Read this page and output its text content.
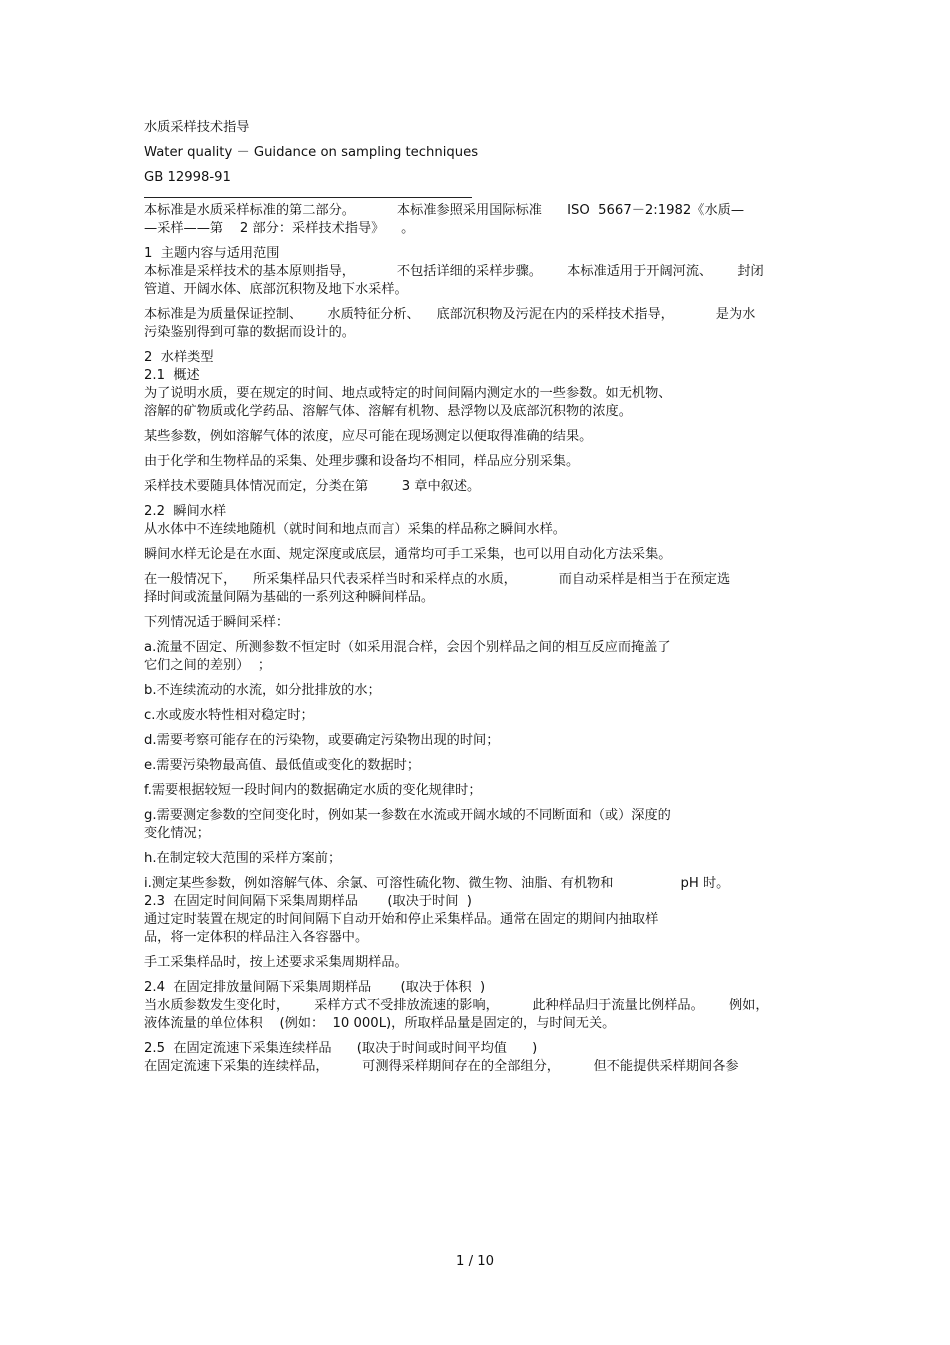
水质采样技术指导

Water quality － Guidance on sampling techniques

GB 12998-91

本标准是水质采样标准的第二部分。          本标准参照采用国际标准      ISO  5667－2:1982《水质—

—采样——第    2 部分：采样技术指导》    。

1  主题内容与适用范围

本标准是采样技术的基本原则指导，          不包括详细的采样步骤。      本标准适用于开阔河流、      封闭

管道、开阔水体、底部沉积物及地下水采样。

本标准是为质量保证控制、      水质特征分析、    底部沉积物及污泥在内的采样技术指导，          是为水

污染鉴别得到可靠的数据而设计的。

2  水样类型

2.1  概述

为了说明水质，要在规定的时间、地点或特定的时间间隔内测定水的一些参数。如无机物、

溶解的矿物质或化学药品、溶解气体、溶解有机物、悬浮物以及底部沉积物的浓度。

某些参数，例如溶解气体的浓度，应尽可能在现场测定以便取得准确的结果。

由于化学和生物样品的采集、处理步骤和设备均不相同，样品应分别采集。

采样技术要随具体情况而定，分类在第        3 章中叙述。

2.2  瞬间水样

从水体中不连续地随机（就时间和地点而言）采集的样品称之瞬间水样。

瞬间水样无论是在水面、规定深度或底层，通常均可手工采集，也可以用自动化方法采集。

在一般情况下，    所采集样品只代表采样当时和采样点的水质，          而自动采样是相当于在预定选

择时间或流量间隔为基础的一系列这种瞬间样品。

下列情况适于瞬间采样：

a.流量不固定、所测参数不恒定时（如采用混合样，会因个别样品之间的相互反应而掩盖了

它们之间的差别）  ；

b.不连续流动的水流，如分批排放的水；

c.水或废水特性相对稳定时；

d.需要考察可能存在的污染物，或要确定污染物出现的时间；

e.需要污染物最高值、最低值或变化的数据时；

f.需要根据较短一段时间内的数据确定水质的变化规律时；

g.需要测定参数的空间变化时，例如某一参数在水流或开阔水域的不同断面和（或）深度的

变化情况；

h.在制定较大范围的采样方案前；

i.测定某些参数，例如溶解气体、余氯、可溶性硫化物、微生物、油脂、有机物和                pH 时。

2.3  在固定时间间隔下采集周期样品       (取决于时间  )

通过定时装置在规定的时间间隔下自动开始和停止采集样品。通常在固定的期间内抽取样

品，将一定体积的样品注入各容器中。

手工采集样品时，按上述要求采集周期样品。

2.4  在固定排放量间隔下采集周期样品       (取决于体积  )

当水质参数发生变化时，      采样方式不受排放流速的影响，        此种样品归于流量比例样品。      例如，

液体流量的单位体积    (例如：  10 000L)，所取样品量是固定的，与时间无关。

2.5  在固定流速下采集连续样品      (取决于时间或时间平均值      )

在固定流速下采集的连续样品，        可测得采样期间存在的全部组分，        但不能提供采样期间各参

1 / 10
